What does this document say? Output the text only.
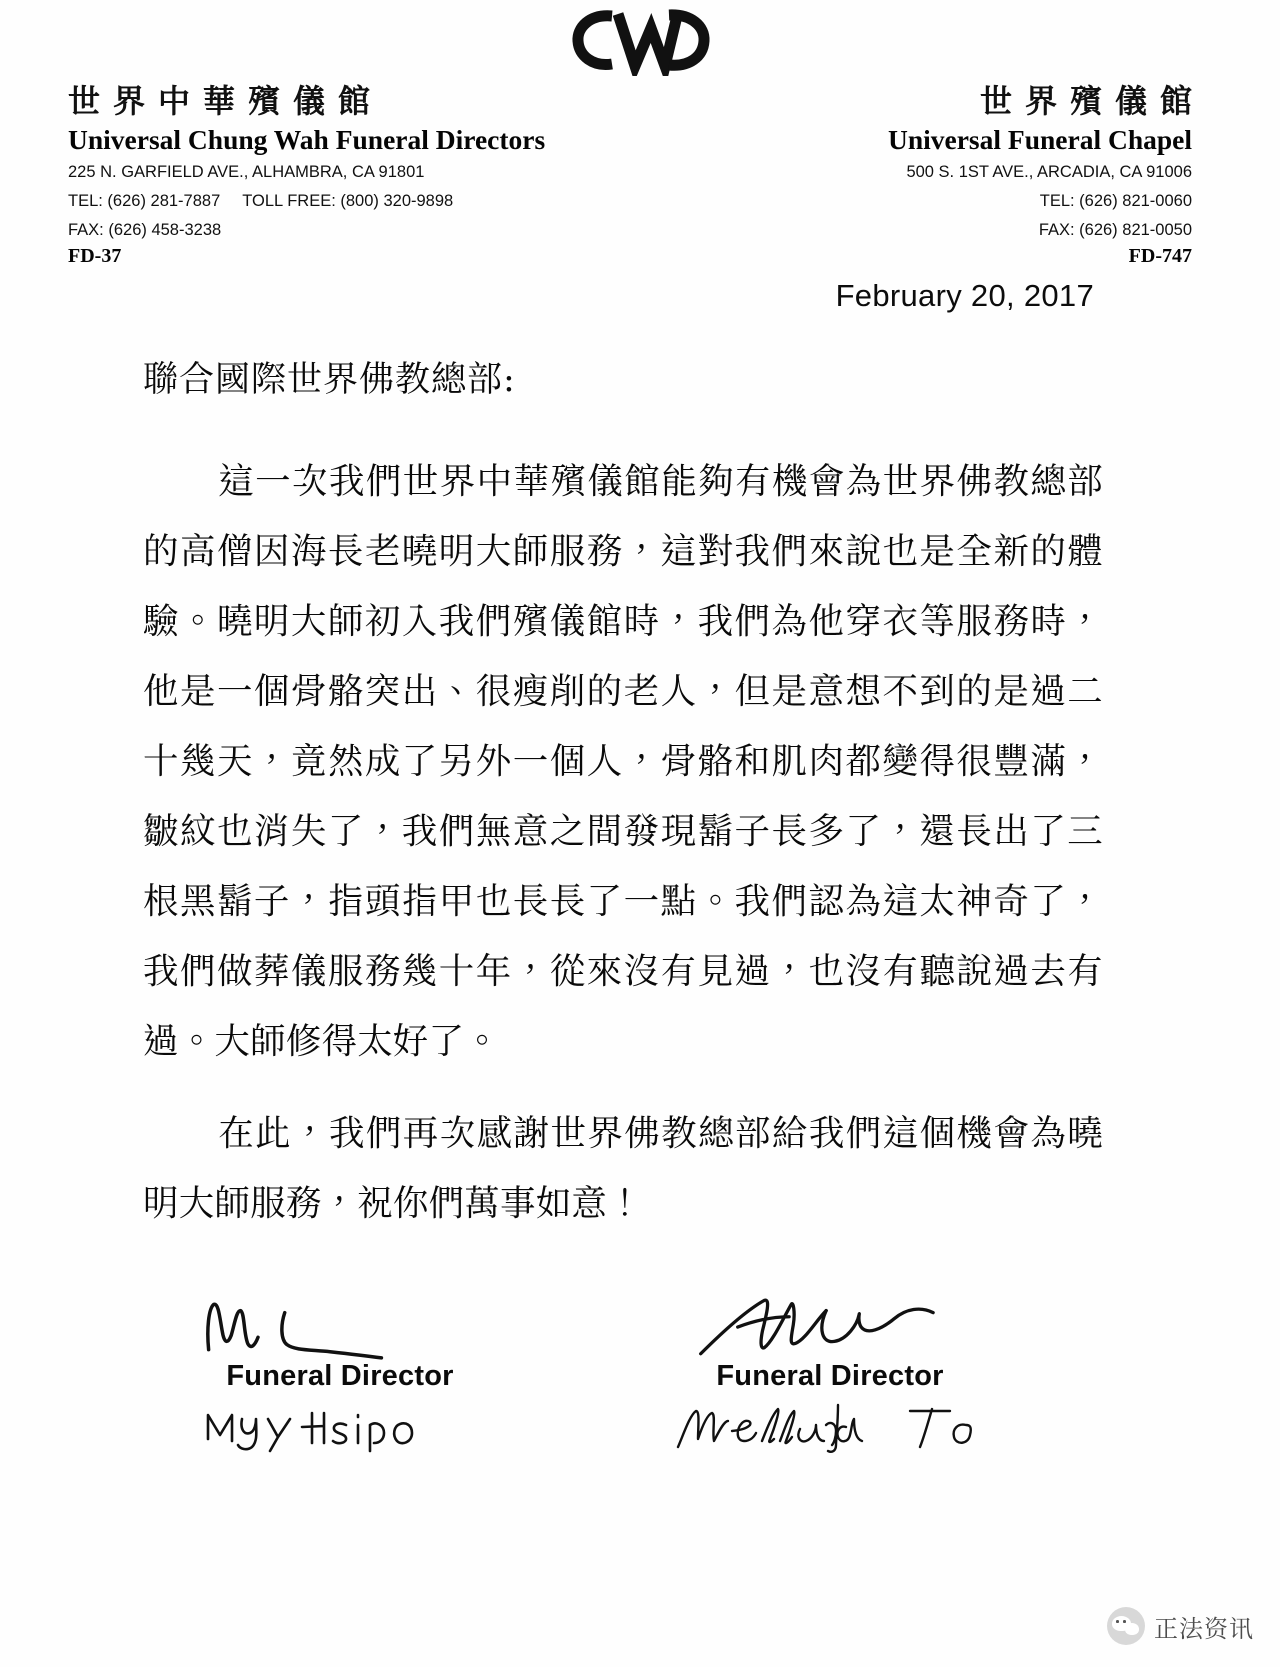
世界中華殯儀館
Universal Chung Wah Funeral Directors
225 N. GARFIELD AVE., ALHAMBRA, CA 91801
TEL: (626) 281-7887 TOLL FREE: (800) 320-9898
FAX: (626) 458-3238
FD-37
世界殯儀館
Universal Funeral Chapel
500 S. 1ST AVE., ARCADIA, CA 91006
TEL: (626) 821-0060
FAX: (626) 821-0050
FD-747
February 20, 2017
聯合國際世界佛教總部:
這一次我們世界中華殯儀館能夠有機會為世界佛教總部的高僧因海長老曉明大師服務，這對我們來說也是全新的體驗。曉明大師初入我們殯儀館時，我們為他穿衣等服務時，他是一個骨骼突出、很瘦削的老人，但是意想不到的是過二十幾天，竟然成了另外一個人，骨骼和肌肉都變得很豐滿，皺紋也消失了，我們無意之間發現鬍子長多了，還長出了三根黑鬍子，指頭指甲也長長了一點。我們認為這太神奇了，我們做葬儀服務幾十年，從來沒有見過，也沒有聽說過去有過。大師修得太好了。
在此，我們再次感謝世界佛教總部給我們這個機會為曉明大師服務，祝你們萬事如意！
Funeral Director	Funeral Director
正法资讯
